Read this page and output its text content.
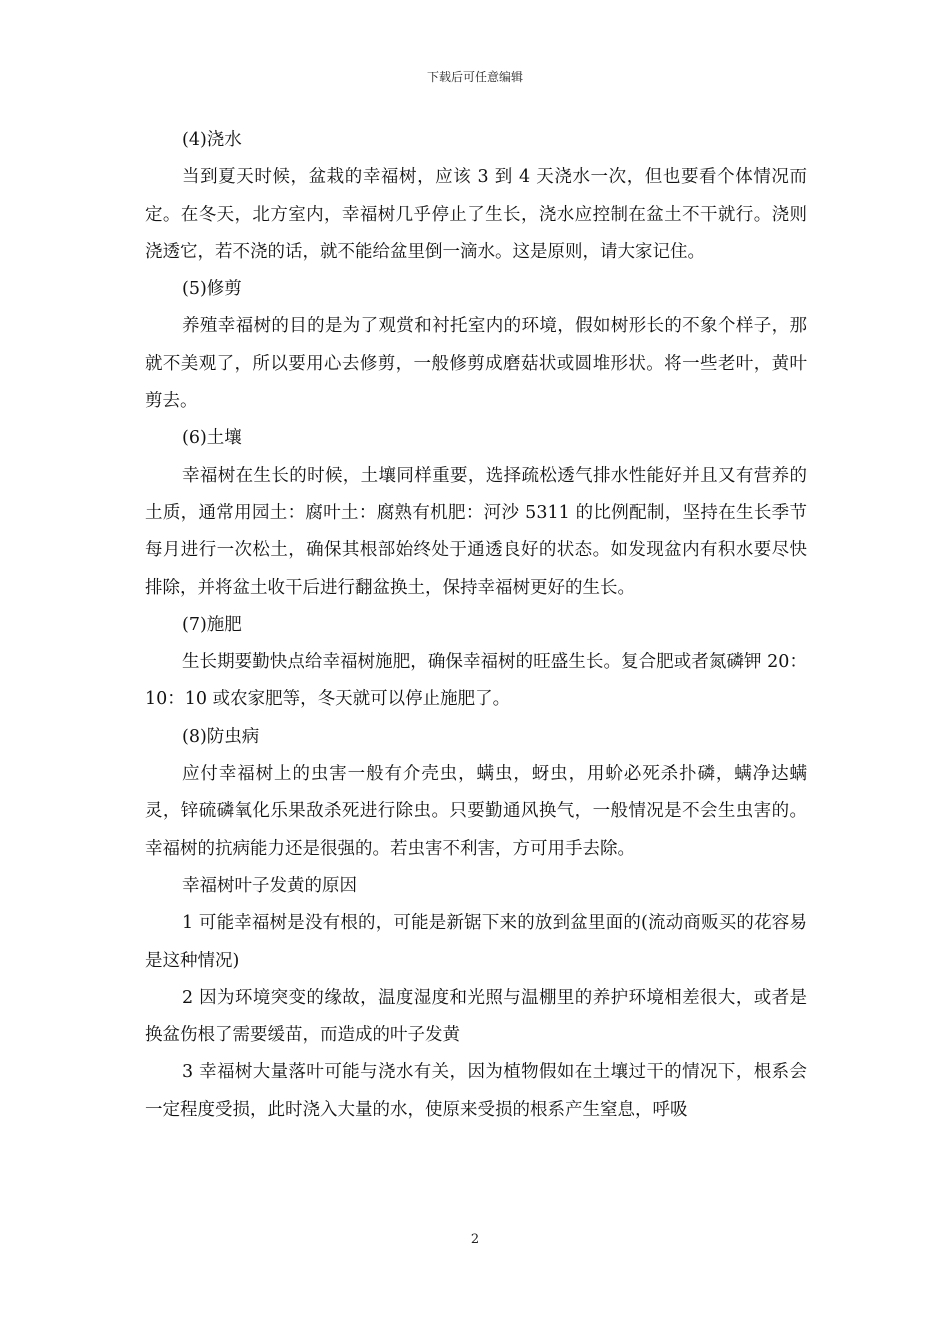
下载后可任意编辑

(4)浇水

当到夏天时候，盆栽的幸福树，应该 3 到 4 天浇水一次，但也要看个体情况而定。在冬天，北方室内，幸福树几乎停止了生长，浇水应控制在盆土不干就行。浇则浇透它，若不浇的话，就不能给盆里倒一滴水。这是原则，请大家记住。

(5)修剪

养殖幸福树的目的是为了观赏和衬托室内的环境，假如树形长的不象个样子，那就不美观了，所以要用心去修剪，一般修剪成磨菇状或圆堆形状。将一些老叶，黄叶剪去。

(6)土壤

幸福树在生长的时候，土壤同样重要，选择疏松透气排水性能好并且又有营养的土质，通常用园土：腐叶土：腐熟有机肥：河沙 5311 的比例配制，坚持在生长季节每月进行一次松土，确保其根部始终处于通透良好的状态。如发现盆内有积水要尽快排除，并将盆土收干后进行翻盆换土，保持幸福树更好的生长。

(7)施肥

生长期要勤快点给幸福树施肥，确保幸福树的旺盛生长。复合肥或者氮磷钾 20：10：10 或农家肥等，冬天就可以停止施肥了。

(8)防虫病

应付幸福树上的虫害一般有介壳虫，螨虫，蚜虫，用蚧必死杀扑磷，螨净达螨灵，锌硫磷氧化乐果敌杀死进行除虫。只要勤通风换气，一般情况是不会生虫害的。幸福树的抗病能力还是很强的。若虫害不利害，方可用手去除。

幸福树叶子发黄的原因

1 可能幸福树是没有根的，可能是新锯下来的放到盆里面的(流动商贩买的花容易是这种情况)

2 因为环境突变的缘故，温度湿度和光照与温棚里的养护环境相差很大，或者是换盆伤根了需要缓苗，而造成的叶子发黄

3 幸福树大量落叶可能与浇水有关，因为植物假如在土壤过干的情况下，根系会一定程度受损，此时浇入大量的水，使原来受损的根系产生窒息，呼吸

2
